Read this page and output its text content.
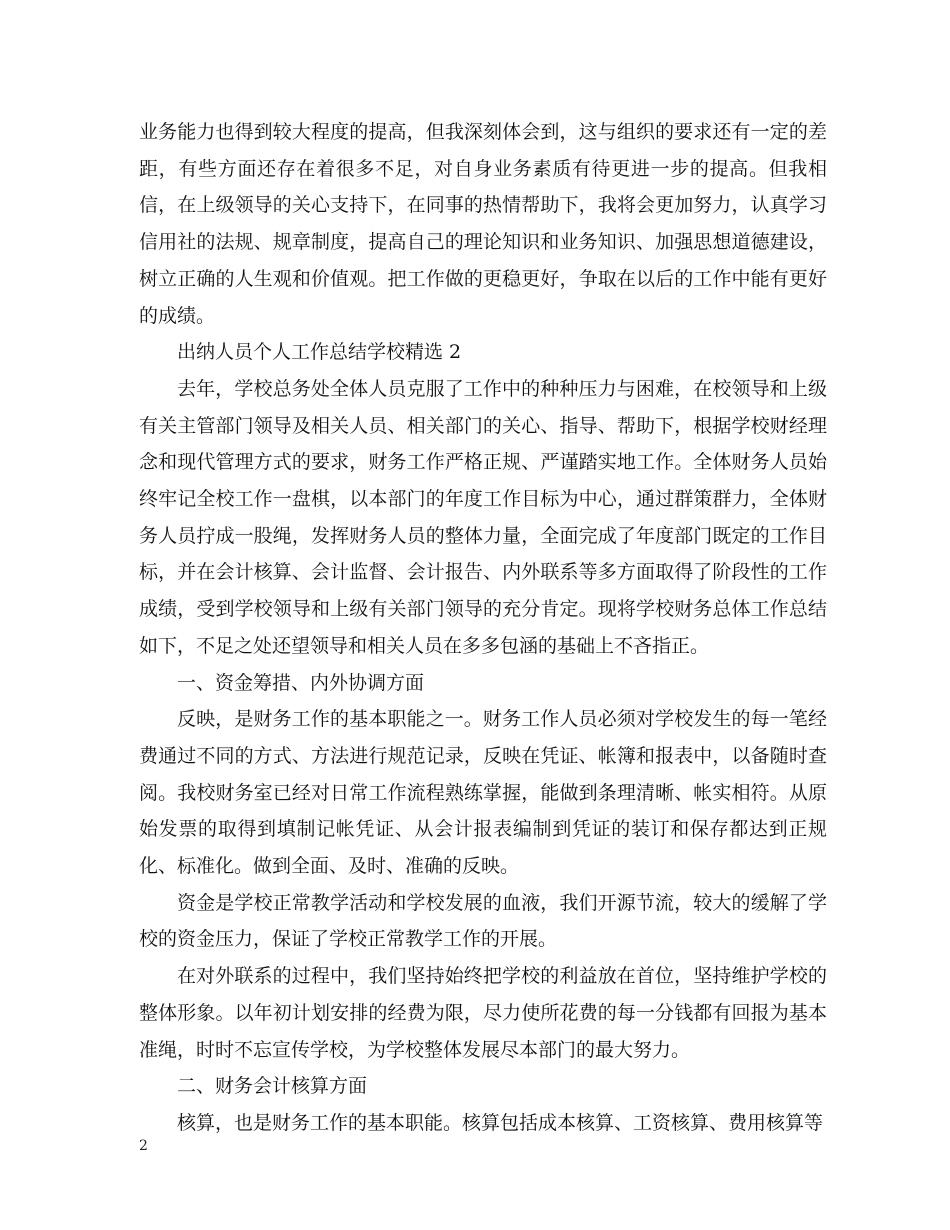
业务能力也得到较大程度的提高，但我深刻体会到，这与组织的要求还有一定的差距，有些方面还存在着很多不足，对自身业务素质有待更进一步的提高。但我相信，在上级领导的关心支持下，在同事的热情帮助下，我将会更加努力，认真学习信用社的法规、规章制度，提高自己的理论知识和业务知识、加强思想道德建设，树立正确的人生观和价值观。把工作做的更稳更好，争取在以后的工作中能有更好的成绩。

出纳人员个人工作总结学校精选 2

去年，学校总务处全体人员克服了工作中的种种压力与困难，在校领导和上级有关主管部门领导及相关人员、相关部门的关心、指导、帮助下，根据学校财经理念和现代管理方式的要求，财务工作严格正规、严谨踏实地工作。全体财务人员始终牢记全校工作一盘棋，以本部门的年度工作目标为中心，通过群策群力，全体财务人员拧成一股绳，发挥财务人员的整体力量，全面完成了年度部门既定的工作目标，并在会计核算、会计监督、会计报告、内外联系等多方面取得了阶段性的工作成绩，受到学校领导和上级有关部门领导的充分肯定。现将学校财务总体工作总结如下，不足之处还望领导和相关人员在多多包涵的基础上不吝指正。

一、资金筹措、内外协调方面

反映，是财务工作的基本职能之一。财务工作人员必须对学校发生的每一笔经费通过不同的方式、方法进行规范记录，反映在凭证、帐簿和报表中，以备随时查阅。我校财务室已经对日常工作流程熟练掌握，能做到条理清晰、帐实相符。从原始发票的取得到填制记帐凭证、从会计报表编制到凭证的装订和保存都达到正规化、标准化。做到全面、及时、准确的反映。

资金是学校正常教学活动和学校发展的血液，我们开源节流，较大的缓解了学校的资金压力，保证了学校正常教学工作的开展。

在对外联系的过程中，我们坚持始终把学校的利益放在首位，坚持维护学校的整体形象。以年初计划安排的经费为限，尽力使所花费的每一分钱都有回报为基本准绳，时时不忘宣传学校，为学校整体发展尽本部门的最大努力。

二、财务会计核算方面

核算，也是财务工作的基本职能。核算包括成本核算、工资核算、费用核算等

2
